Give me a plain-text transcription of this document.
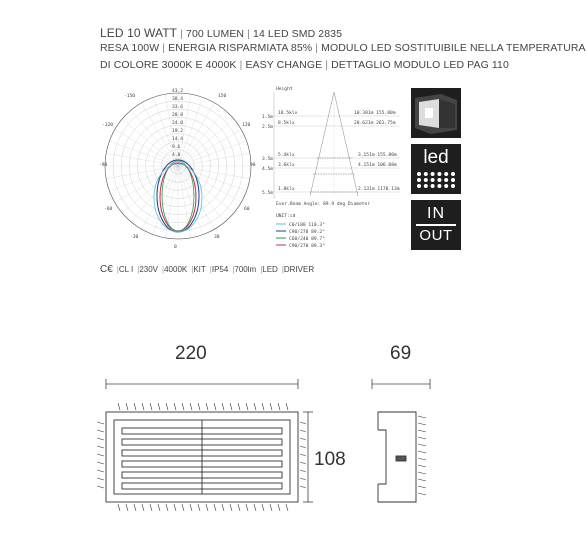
LED 10 WATT | 700 LUMEN | 14 LED SMD 2835
RESA 100W | ENERGIA RISPARMIATA 85% | MODULO LED SOSTITUIBILE NELLA TEMPERATURA
DI COLORE 3000K E 4000K | EASY CHANGE | DETTAGLIO MODULO LED PAG 110
-150	150
-120	120
-90	90
-60	60
-30	30
0
43.2
38.4
33.6
28.8
24.0
19.2
14.4
9.6
4.8
Height
1.5m
2.5m
3.5m
4.5m
5.5m
18.5klx
8.5klx
5.4klx
3.6klx
1.8klx
10.301m 155.80m
20.621m 261.75m
3.151m 155.80m
4.151m 106.08m
2.131m 1170.13m
Ever.Beam Angle: 89.9 deg Diameter
UNIT:cd
C0/180 110.3°
C90/270 89.2°
C60/240 89.7°
C90/270 89.3°
led
IN
OUT
C€ | CL I | 230V | 4000K | KIT | IP54 | 700lm | LED | DRIVER
220	69
108
